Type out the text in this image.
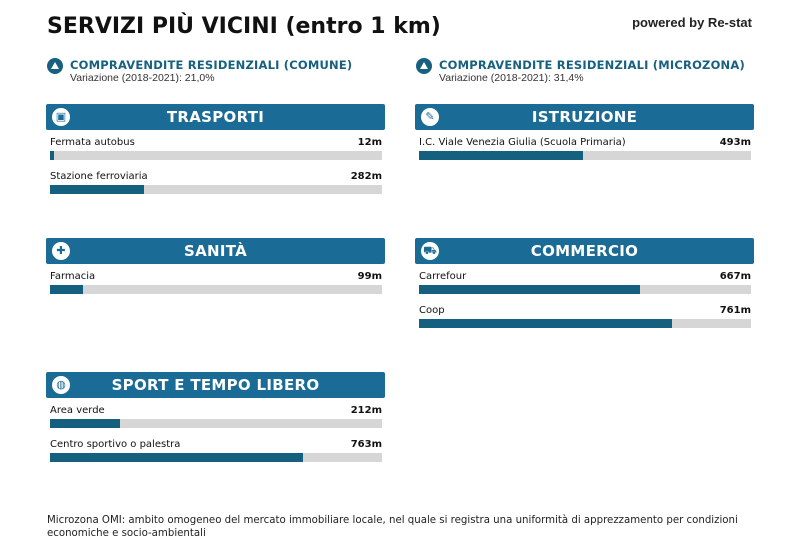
SERVIZI PIÙ VICINI (entro 1 km)	powered by Re-stat
COMPRAVENDITE RESIDENZIALI (COMUNE)
Variazione (2018-2021): 21,0%
COMPRAVENDITE RESIDENZIALI (MICROZONA)
Variazione (2018-2021): 31,4%
▣	TRASPORTI
Fermata autobus	12m
Stazione ferroviaria	282m
✎	ISTRUZIONE
I.C. Viale Venezia Giulia (Scuola Primaria)	493m
✚	SANITÀ
Farmacia	99m
⛟	COMMERCIO
Carrefour	667m
Coop	761m
◍	SPORT E TEMPO LIBERO
Area verde	212m
Centro sportivo o palestra	763m
Microzona OMI: ambito omogeneo del mercato immobiliare locale, nel quale si registra una uniformità di apprezzamento per condizioni economiche e socio-ambientali
